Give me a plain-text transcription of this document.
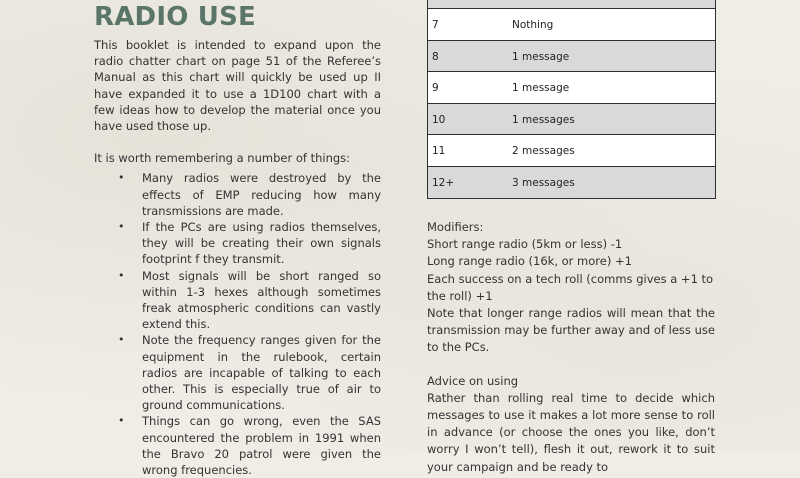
RADIO USE

This booklet is intended to expand upon the radio chatter chart on page 51 of the Referee’s Manual as this chart will quickly be used up II have expanded it to use a 1D100 chart with a few ideas how to develop the material once you have used those up.

It is worth remembering a number of things:

• Many radios were destroyed by the effects of EMP reducing how many transmissions are made.

• If the PCs are using radios themselves, they will be creating their own signals footprint f they transmit.

• Most signals will be short ranged so within 1-3 hexes although sometimes freak atmospheric conditions can vastly extend this.

• Note the frequency ranges given for the equipment in the rulebook, certain radios are incapable of talking to each other. This is especially true of air to ground communications.

• Things can go wrong, even the SAS encountered the problem in 1991 when the Bravo 20 patrol were given the wrong frequencies.

7	Nothing
8	1 message
9	1 message
10	1 messages
11	2 messages
12+	3 messages

Modifiers:

Short range radio (5km or less) -1

Long range radio (16k, or more) +1

Each success on a tech roll (comms gives a +1 to the roll) +1

Note that longer range radios will mean that the transmission may be further away and of less use to the PCs.

Advice on using

Rather than rolling real time to decide which messages to use it makes a lot more sense to roll in advance (or choose the ones you like, don’t worry I won’t tell), flesh it out, rework it to suit your campaign and be ready to
